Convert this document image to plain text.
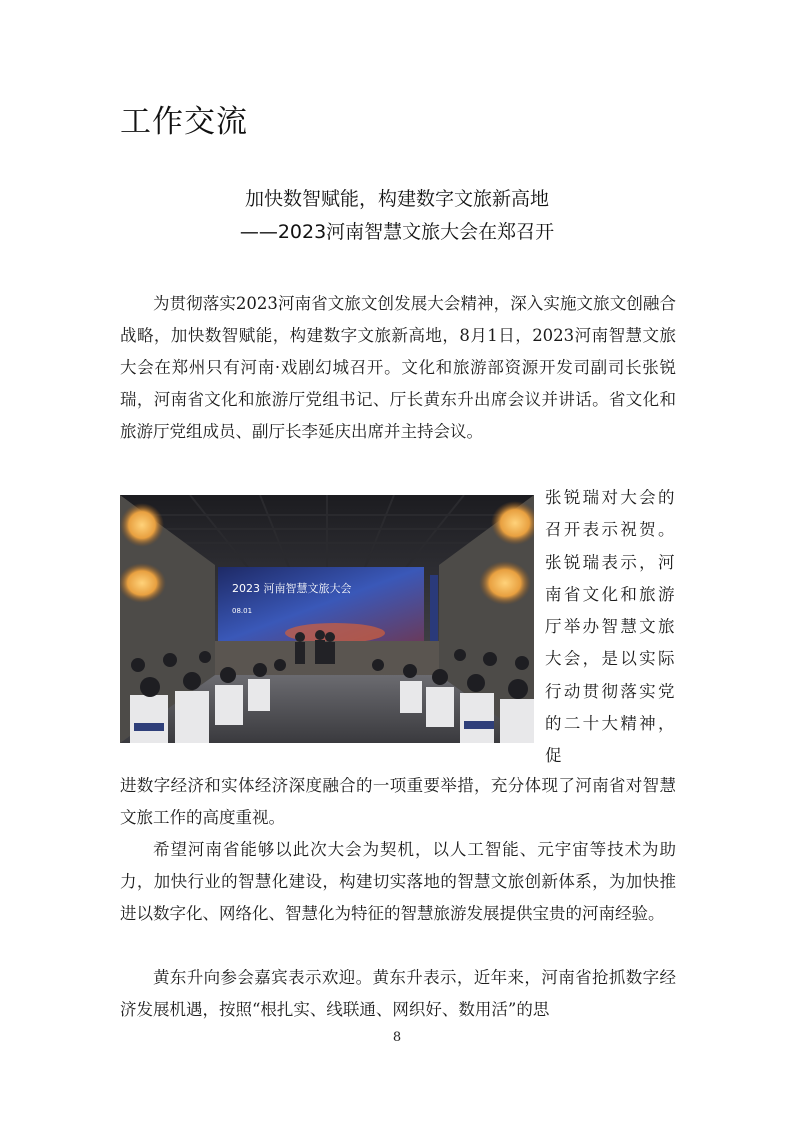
工作交流
加快数智赋能，构建数字文旅新高地
——2023河南智慧文旅大会在郑召开

为贯彻落实2023河南省文旅文创发展大会精神，深入实施文旅文创融合战略，加快数智赋能，构建数字文旅新高地，8月1日，2023河南智慧文旅大会在郑州只有河南·戏剧幻城召开。文化和旅游部资源开发司副司长张锐瑞，河南省文化和旅游厅党组书记、厅长黄东升出席会议并讲话。省文化和旅游厅党组成员、副厅长李延庆出席并主持会议。

2023 河南智慧文旅大会
08.01

张锐瑞对大会的召开表示祝贺。张锐瑞表示，河南省文化和旅游厅举办智慧文旅大会，是以实际行动贯彻落实党的二十大精神，促

进数字经济和实体经济深度融合的一项重要举措，充分体现了河南省对智慧文旅工作的高度重视。

希望河南省能够以此次大会为契机，以人工智能、元宇宙等技术为助力，加快行业的智慧化建设，构建切实落地的智慧文旅创新体系，为加快推进以数字化、网络化、智慧化为特征的智慧旅游发展提供宝贵的河南经验。

黄东升向参会嘉宾表示欢迎。黄东升表示，近年来，河南省抢抓数字经济发展机遇，按照“根扎实、线联通、网织好、数用活”的思

8
